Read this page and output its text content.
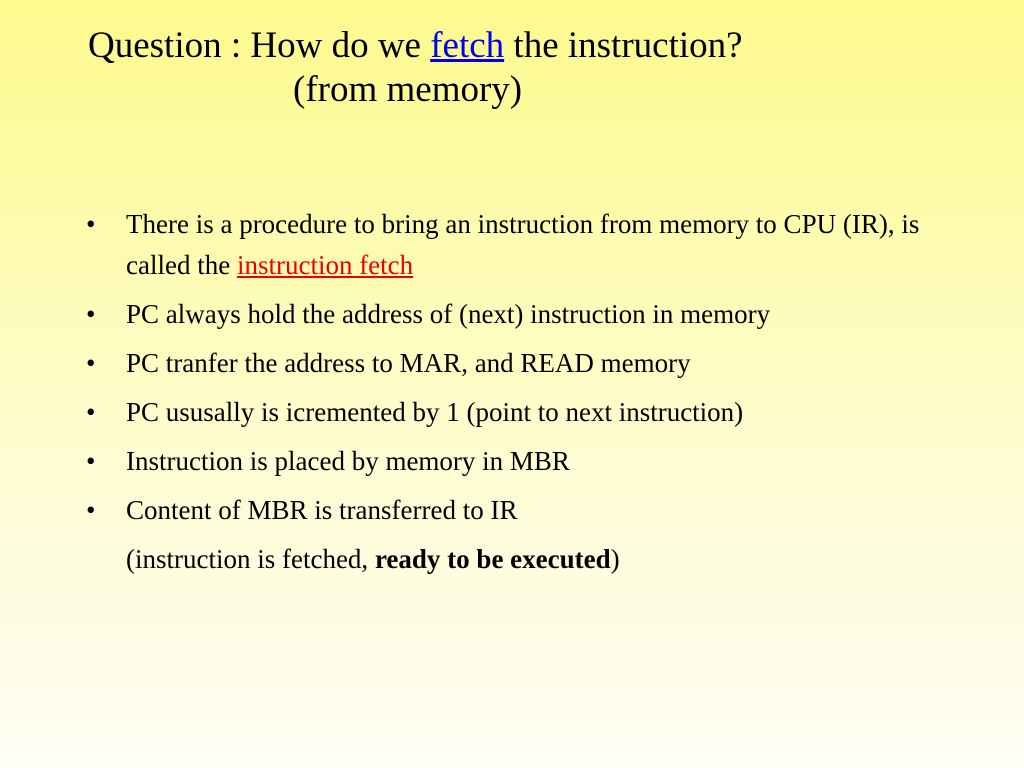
Question : How do we fetch the instruction?
(from memory)
• There is a procedure to bring an instruction from memory to CPU (IR), is called the instruction fetch
• PC always hold the address of (next) instruction in memory
• PC tranfer the address to MAR, and READ memory
• PC ususally is icremented by 1 (point to next instruction)
• Instruction is placed by memory in MBR
• Content of MBR is transferred to IR
(instruction is fetched, ready to be executed)
